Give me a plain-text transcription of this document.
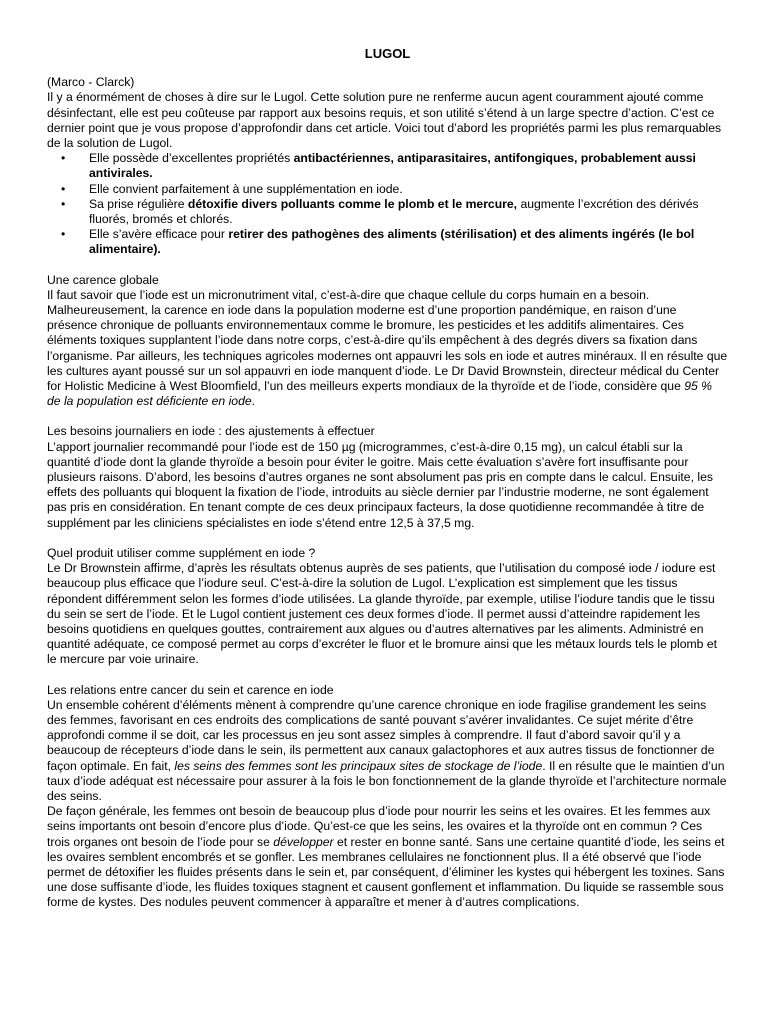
LUGOL

(Marco - Clarck)

Il y a énormément de choses à dire sur le Lugol. Cette solution pure ne renferme aucun agent couramment ajouté comme désinfectant, elle est peu coûteuse par rapport aux besoins requis, et son utilité s’étend à un large spectre d’action. C’est ce dernier point que je vous propose d’approfondir dans cet article. Voici tout d’abord les propriétés parmi les plus remarquables de la solution de Lugol.

• Elle possède d’excellentes propriétés antibactériennes, antiparasitaires, antifongiques, probablement aussi antivirales.
• Elle convient parfaitement à une supplémentation en iode.
• Sa prise régulière détoxifie divers polluants comme le plomb et le mercure, augmente l’excrétion des dérivés fluorés, bromés et chlorés.
• Elle s’avère efficace pour retirer des pathogènes des aliments (stérilisation) et des aliments ingérés (le bol alimentaire).

Une carence globale

Il faut savoir que l’iode est un micronutriment vital, c’est-à-dire que chaque cellule du corps humain en a besoin. Malheureusement, la carence en iode dans la population moderne est d’une proportion pandémique, en raison d’une présence chronique de polluants environnementaux comme le bromure, les pesticides et les additifs alimentaires. Ces éléments toxiques supplantent l’iode dans notre corps, c’est-à-dire qu’ils empêchent à des degrés divers sa fixation dans l’organisme. Par ailleurs, les techniques agricoles modernes ont appauvri les sols en iode et autres minéraux. Il en résulte que les cultures ayant poussé sur un sol appauvri en iode manquent d’iode. Le Dr David Brownstein, directeur médical du Center for Holistic Medicine à West Bloomfield, l’un des meilleurs experts mondiaux de la thyroïde et de l’iode, considère que 95 % de la population est déficiente en iode.

Les besoins journaliers en iode : des ajustements à effectuer

L’apport journalier recommandé pour l’iode est de 150 µg (microgrammes, c’est-à-dire 0,15 mg), un calcul établi sur la quantité d’iode dont la glande thyroïde a besoin pour éviter le goitre. Mais cette évaluation s’avère fort insuffisante pour plusieurs raisons. D’abord, les besoins d’autres organes ne sont absolument pas pris en compte dans le calcul. Ensuite, les effets des polluants qui bloquent la fixation de l’iode, introduits au siècle dernier par l’industrie moderne, ne sont également pas pris en considération. En tenant compte de ces deux principaux facteurs, la dose quotidienne recommandée à titre de supplément par les cliniciens spécialistes en iode s’étend entre 12,5 à 37,5 mg.

Quel produit utiliser comme supplément en iode ?

Le Dr Brownstein affirme, d’après les résultats obtenus auprès de ses patients, que l’utilisation du composé iode / iodure est beaucoup plus efficace que l’iodure seul. C’est-à-dire la solution de Lugol. L’explication est simplement que les tissus répondent différemment selon les formes d’iode utilisées. La glande thyroïde, par exemple, utilise l’iodure tandis que le tissu du sein se sert de l’iode. Et le Lugol contient justement ces deux formes d’iode. Il permet aussi d’atteindre rapidement les besoins quotidiens en quelques gouttes, contrairement aux algues ou d’autres alternatives par les aliments. Administré en quantité adéquate, ce composé permet au corps d’excréter le fluor et le bromure ainsi que les métaux lourds tels le plomb et le mercure par voie urinaire.

Les relations entre cancer du sein et carence en iode

Un ensemble cohérent d’éléments mènent à comprendre qu’une carence chronique en iode fragilise grandement les seins des femmes, favorisant en ces endroits des complications de santé pouvant s’avérer invalidantes. Ce sujet mérite d’être approfondi comme il se doit, car les processus en jeu sont assez simples à comprendre. Il faut d’abord savoir qu’il y a beaucoup de récepteurs d’iode dans le sein, ils permettent aux canaux galactophores et aux autres tissus de fonctionner de façon optimale. En fait, les seins des femmes sont les principaux sites de stockage de l’iode. Il en résulte que le maintien d’un taux d’iode adéquat est nécessaire pour assurer à la fois le bon fonctionnement de la glande thyroïde et l’architecture normale des seins.

De façon générale, les femmes ont besoin de beaucoup plus d’iode pour nourrir les seins et les ovaires. Et les femmes aux seins importants ont besoin d’encore plus d’iode. Qu’est-ce que les seins, les ovaires et la thyroïde ont en commun ? Ces trois organes ont besoin de l’iode pour se développer et rester en bonne santé. Sans une certaine quantité d’iode, les seins et les ovaires semblent encombrés et se gonfler. Les membranes cellulaires ne fonctionnent plus. Il a été observé que l’iode permet de détoxifier les fluides présents dans le sein et, par conséquent, d’éliminer les kystes qui hébergent les toxines. Sans une dose suffisante d’iode, les fluides toxiques stagnent et causent gonflement et inflammation. Du liquide se rassemble sous forme de kystes. Des nodules peuvent commencer à apparaître et mener à d’autres complications.
